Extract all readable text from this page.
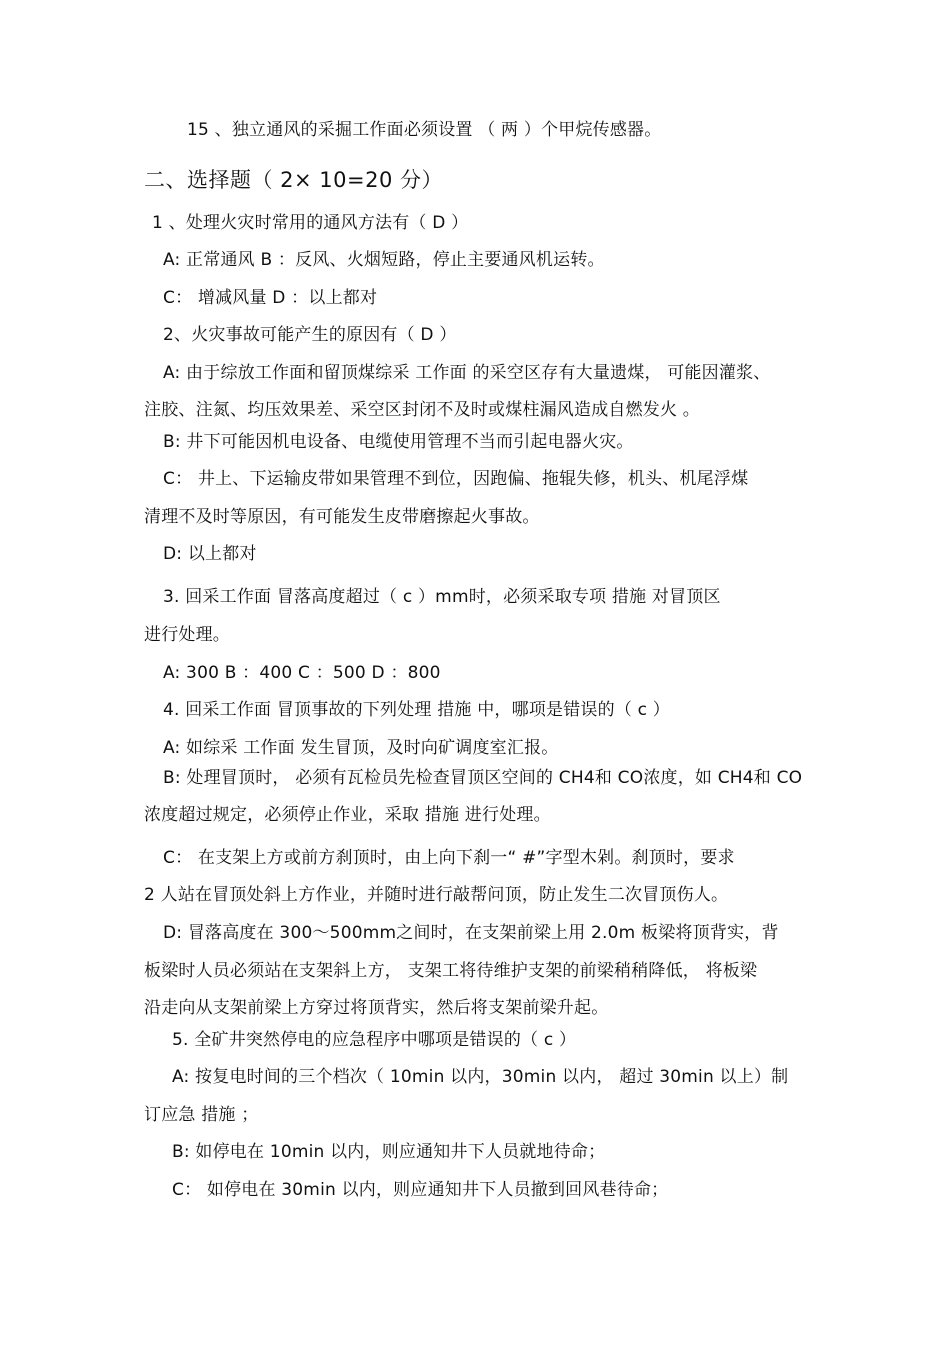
15 、独立通风的采掘工作面必须设置 （ 两 ）个甲烷传感器。
二、选择题（ 2× 10=20 分）
1 、处理火灾时常用的通风方法有（ D ）
A: 正常通风 B ：反风、火烟短路，停止主要通风机运转。
C： 增减风量 D ：以上都对
2、火灾事故可能产生的原因有（ D ）
A: 由于综放工作面和留顶煤综采 工作面 的采空区存有大量遗煤， 可能因灌浆、
注胶、注氮、均压效果差、采空区封闭不及时或煤柱漏风造成自燃发火 。
B: 井下可能因机电设备、电缆使用管理不当而引起电器火灾。
C： 井上、下运输皮带如果管理不到位，因跑偏、拖辊失修，机头、机尾浮煤
清理不及时等原因，有可能发生皮带磨擦起火事故。
D: 以上都对
3. 回采工作面 冒落高度超过（ c ）mm时，必须采取专项 措施 对冒顶区
进行处理。
A: 300 B ：400 C ：500 D ：800
4. 回采工作面 冒顶事故的下列处理 措施 中，哪项是错误的（ c ）
A: 如综采 工作面 发生冒顶，及时向矿调度室汇报。
B: 处理冒顶时， 必须有瓦检员先检查冒顶区空间的 CH4和 CO浓度，如 CH4和 CO
浓度超过规定，必须停止作业，采取 措施 进行处理。
C： 在支架上方或前方刹顶时，由上向下刹一“ #”字型木剁。刹顶时，要求
2 人站在冒顶处斜上方作业，并随时进行敲帮问顶，防止发生二次冒顶伤人。
D: 冒落高度在 300～500mm之间时，在支架前梁上用 2.0m 板梁将顶背实，背
板梁时人员必须站在支架斜上方， 支架工将待维护支架的前梁稍稍降低， 将板梁
沿走向从支架前梁上方穿过将顶背实，然后将支架前梁升起。
5. 全矿井突然停电的应急程序中哪项是错误的（ c ）
A: 按复电时间的三个档次（ 10min 以内，30min 以内， 超过 30min 以上）制
订应急 措施 ；
B: 如停电在 10min 以内，则应通知井下人员就地待命；
C： 如停电在 30min 以内，则应通知井下人员撤到回风巷待命；
